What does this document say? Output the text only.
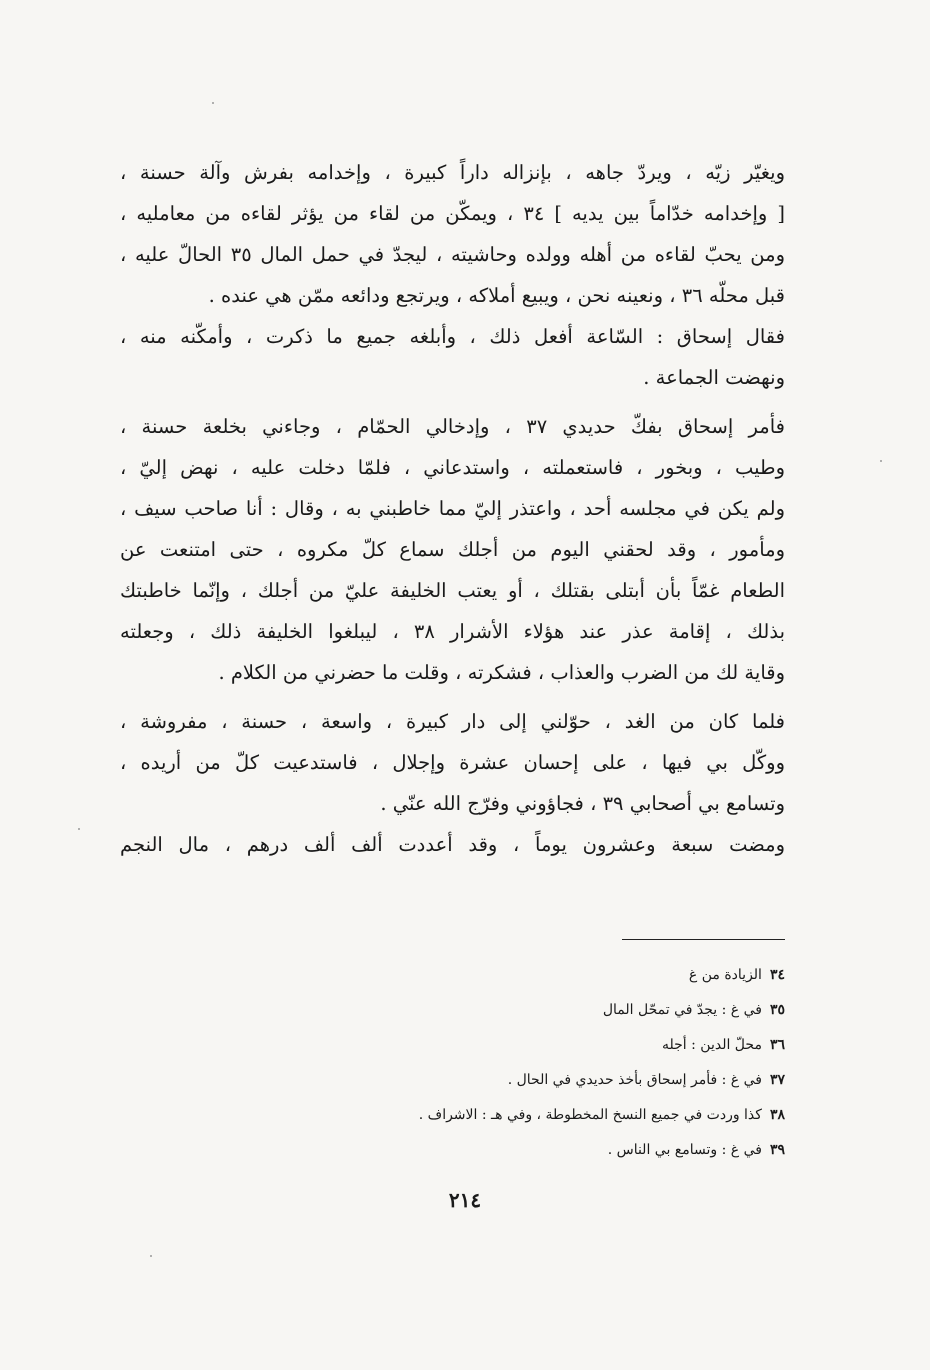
ويغيّر زيّه ، ويردّ جاهه ، بإنزاله داراً كبيرة ، وإخدامه بفرش وآلة حسنة ،
[ وإخدامه خدّاماً بين يديه ] ٣٤ ، ويمكّن من لقاء من يؤثر لقاءه من معامليه ،
ومن يحبّ لقاءه من أهله وولده وحاشيته ، ليجدّ في حمل المال ٣٥ الحالّ عليه ،
قبل محلّه ٣٦ ، ونعينه نحن ، ويبيع أملاكه ، ويرتجع ودائعه ممّن هي عنده .
فقال إسحاق : السّاعة أفعل ذلك ، وأبلغه جميع ما ذكرت ، وأمكّنه منه ،
ونهضت الجماعة .
فأمر إسحاق بفكّ حديدي ٣٧ ، وإدخالي الحمّام ، وجاءني بخلعة حسنة ،
وطيب ، وبخور ، فاستعملته ، واستدعاني ، فلمّا دخلت عليه ، نهض إليّ ،
ولم يكن في مجلسه أحد ، واعتذر إليّ مما خاطبني به ، وقال : أنا صاحب سيف ،
ومأمور ، وقد لحقني اليوم من أجلك سماع كلّ مكروه ، حتى امتنعت عن
الطعام غمّاً بأن أبتلى بقتلك ، أو يعتب الخليفة عليّ من أجلك ، وإنّما خاطبتك
بذلك ، إقامة عذر عند هؤلاء الأشرار ٣٨ ، ليبلغوا الخليفة ذلك ، وجعلته
وقاية لك من الضرب والعذاب ، فشكرته ، وقلت ما حضرني من الكلام .
فلما كان من الغد ، حوّلني إلى دار كبيرة ، واسعة ، حسنة ، مفروشة ،
ووكّل بي فيها ، على إحسان عشرة وإجلال ، فاستدعيت كلّ من أريده ،
وتسامع بي أصحابي ٣٩ ، فجاؤوني وفرّج الله عنّي .
ومضت سبعة وعشرون يوماً ، وقد أعددت ألف ألف درهم ، مال النجم
٣٤الزيادة من غ
٣٥في غ : يجدّ في تمحّل المال
٣٦محلّ الدين : أجله
٣٧في غ : فأمر إسحاق بأخذ حديدي في الحال .
٣٨كذا وردت في جميع النسخ المخطوطة ، وفي هـ : الاشراف .
٣٩في غ : وتسامع بي الناس .
٢١٤
